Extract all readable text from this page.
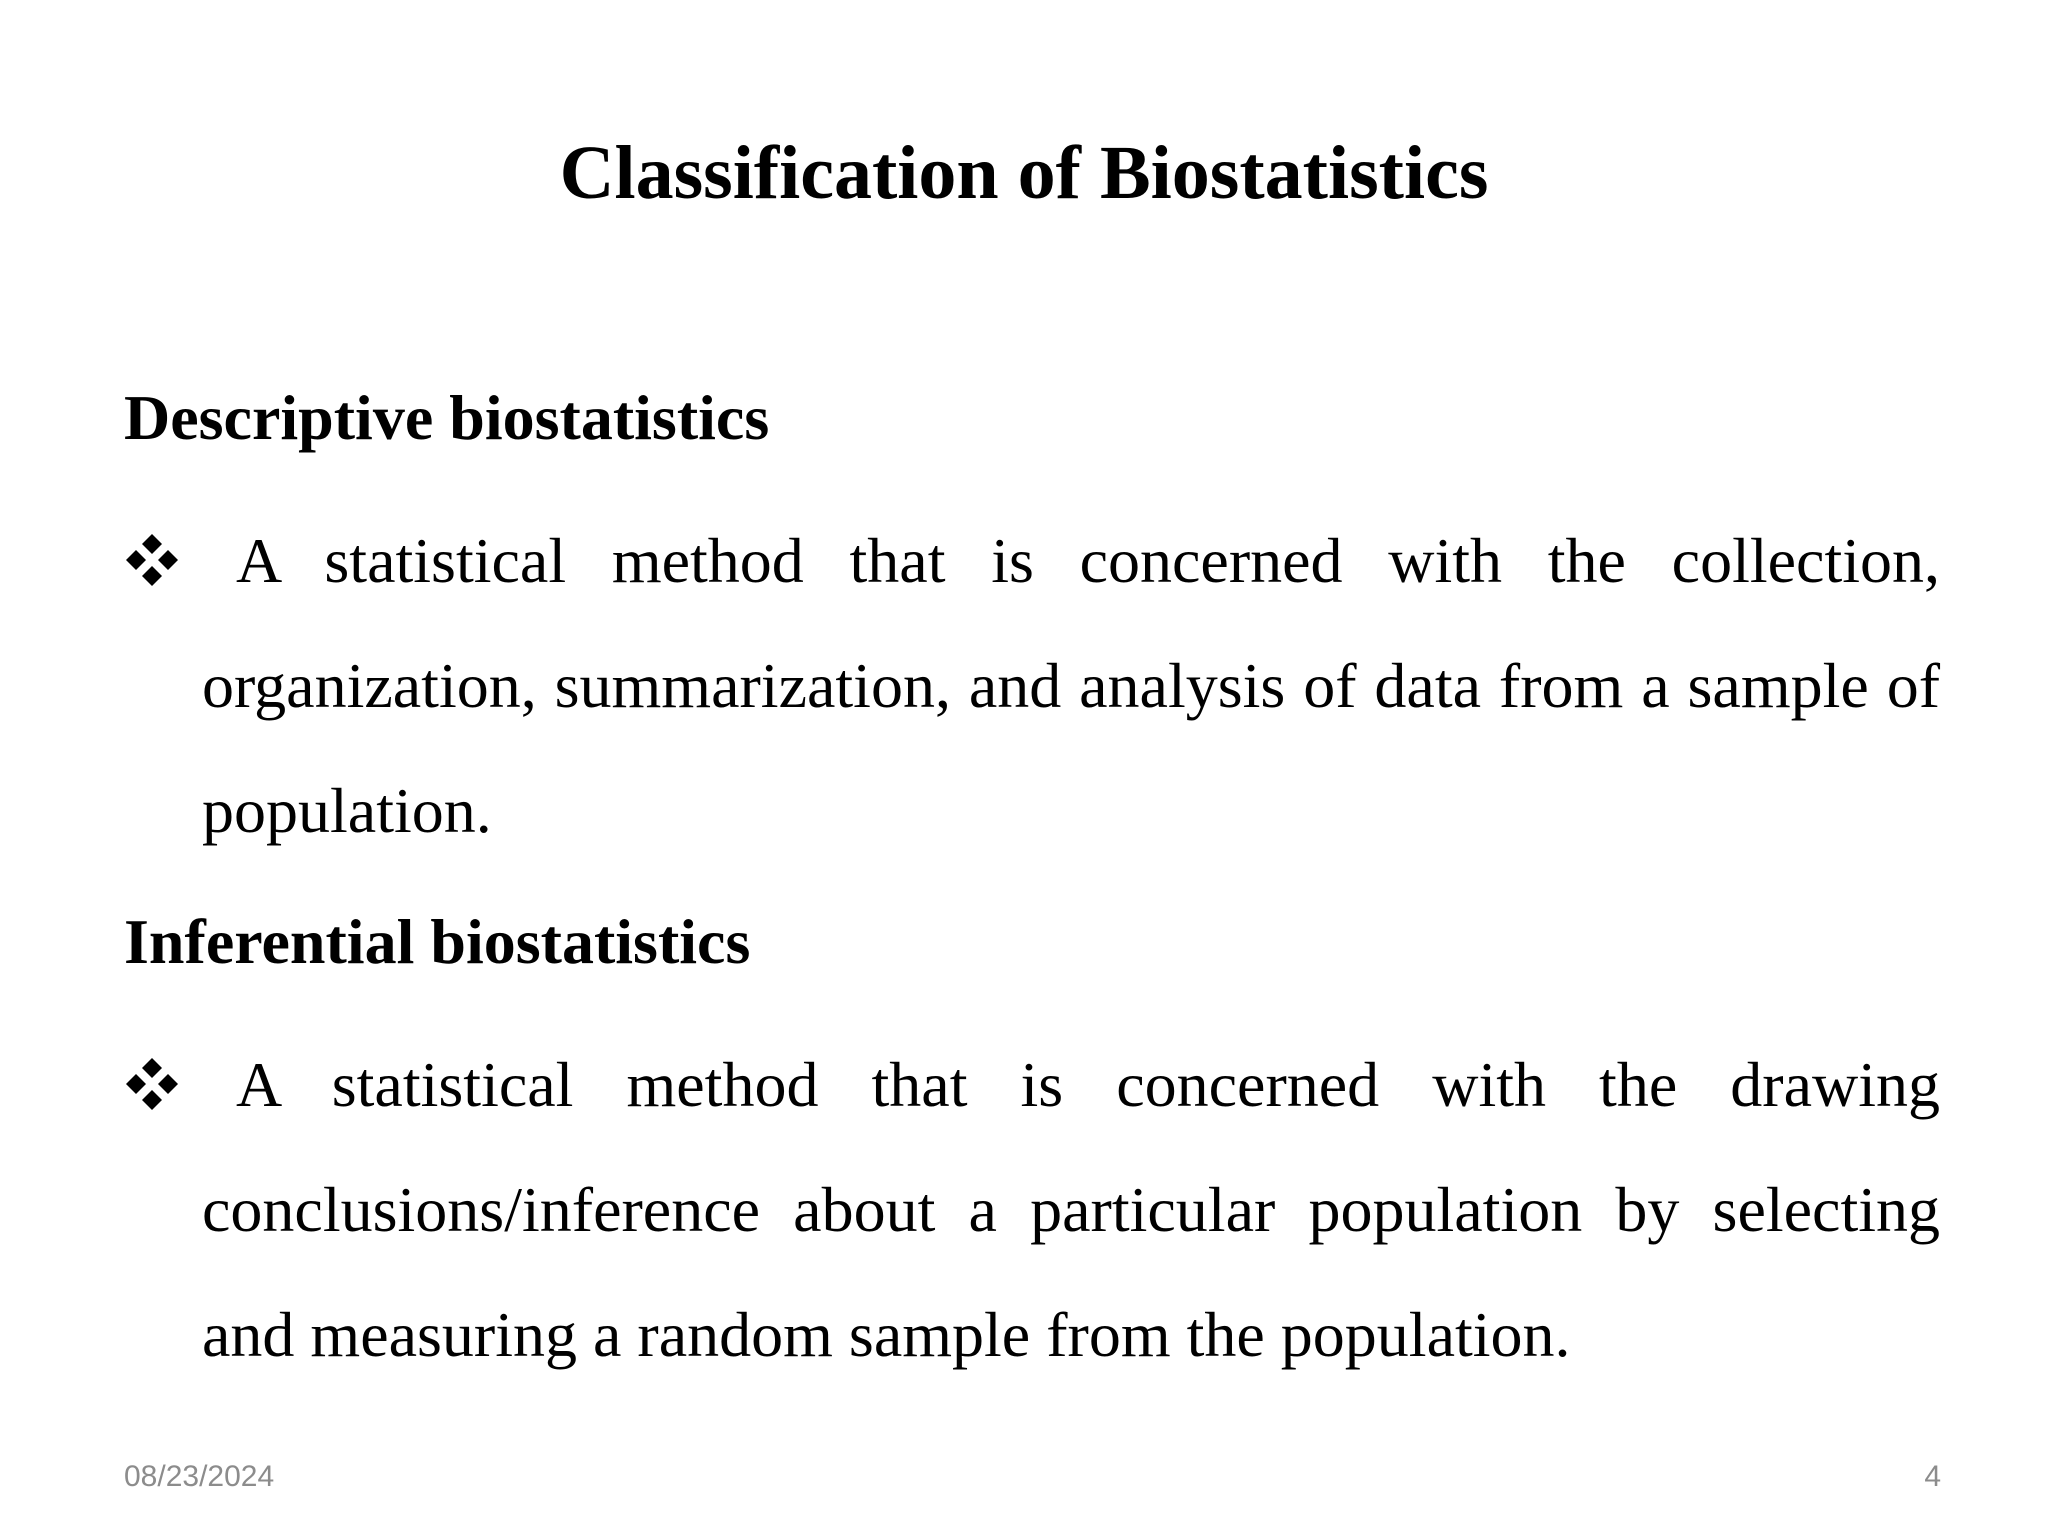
Classification of Biostatistics
Descriptive biostatistics

A statistical method that is concerned with the collection, organization, summarization, and analysis of data from a sample of population.

Inferential biostatistics

A statistical method that is concerned with the drawing conclusions/inference about a particular population by selecting and measuring a random sample from the population.

08/23/2024	4
